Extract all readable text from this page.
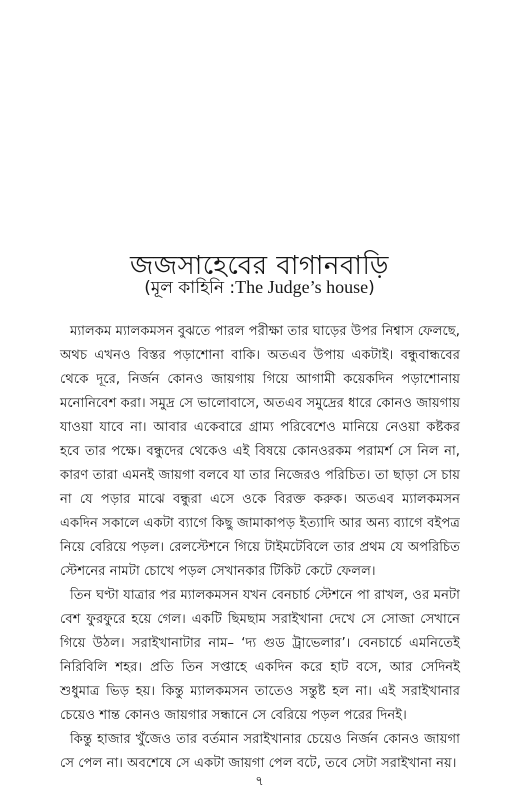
জজসাহেবের বাগানবাড়ি
(মূল কাহিনি :The Judge’s house)

ম্যালকম ম্যালকমসন বুঝতে পারল পরীক্ষা তার ঘাড়ের উপর নিশ্বাস ফেলছে, অথচ এখনও বিস্তর পড়াশোনা বাকি। অতএব উপায় একটাই। বন্ধুবান্ধবের থেকে দূরে, নির্জন কোনও জায়গায় গিয়ে আগামী কয়েকদিন পড়াশোনায় মনোনিবেশ করা। সমুদ্র সে ভালোবাসে, অতএব সমুদ্রের ধারে কোনও জায়গায় যাওয়া যাবে না। আবার একেবারে গ্রাম্য পরিবেশেও মানিয়ে নেওয়া কষ্টকর হবে তার পক্ষে। বন্ধুদের থেকেও এই বিষয়ে কোনওরকম পরামর্শ সে নিল না, কারণ তারা এমনই জায়গা বলবে যা তার নিজেরও পরিচিত। তা ছাড়া সে চায় না যে পড়ার মাঝে বন্ধুরা এসে ওকে বিরক্ত করুক। অতএব ম্যালকমসন একদিন সকালে একটা ব্যাগে কিছু জামাকাপড় ইত্যাদি আর অন্য ব্যাগে বইপত্র নিয়ে বেরিয়ে পড়ল। রেলস্টেশনে গিয়ে টাইমটেবিলে তার প্রথম যে অপরিচিত স্টেশনের নামটা চোখে পড়ল সেখানকার টিকিট কেটে ফেলল।

তিন ঘণ্টা যাত্রার পর ম্যালকমসন যখন বেনচার্চ স্টেশনে পা রাখল, ওর মনটা বেশ ফুরফুরে হয়ে গেল। একটি ছিমছাম সরাইখানা দেখে সে সোজা সেখানে গিয়ে উঠল। সরাইখানাটার নাম– ‘দ্য গুড ট্রাভেলার’। বেনচার্চে এমনিতেই নিরিবিলি শহর। প্রতি তিন সপ্তাহে একদিন করে হাট বসে, আর সেদিনই শুধুমাত্র ভিড় হয়। কিন্তু ম্যালকমসন তাতেও সন্তুষ্ট হল না। এই সরাইখানার চেয়েও শান্ত কোনও জায়গার সন্ধানে সে বেরিয়ে পড়ল পরের দিনই।

কিন্তু হাজার খুঁজেও তার বর্তমান সরাইখানার চেয়েও নির্জন কোনও জায়গা সে পেল না। অবশেষে সে একটা জায়গা পেল বটে, তবে সেটা সরাইখানা নয়।

৭
